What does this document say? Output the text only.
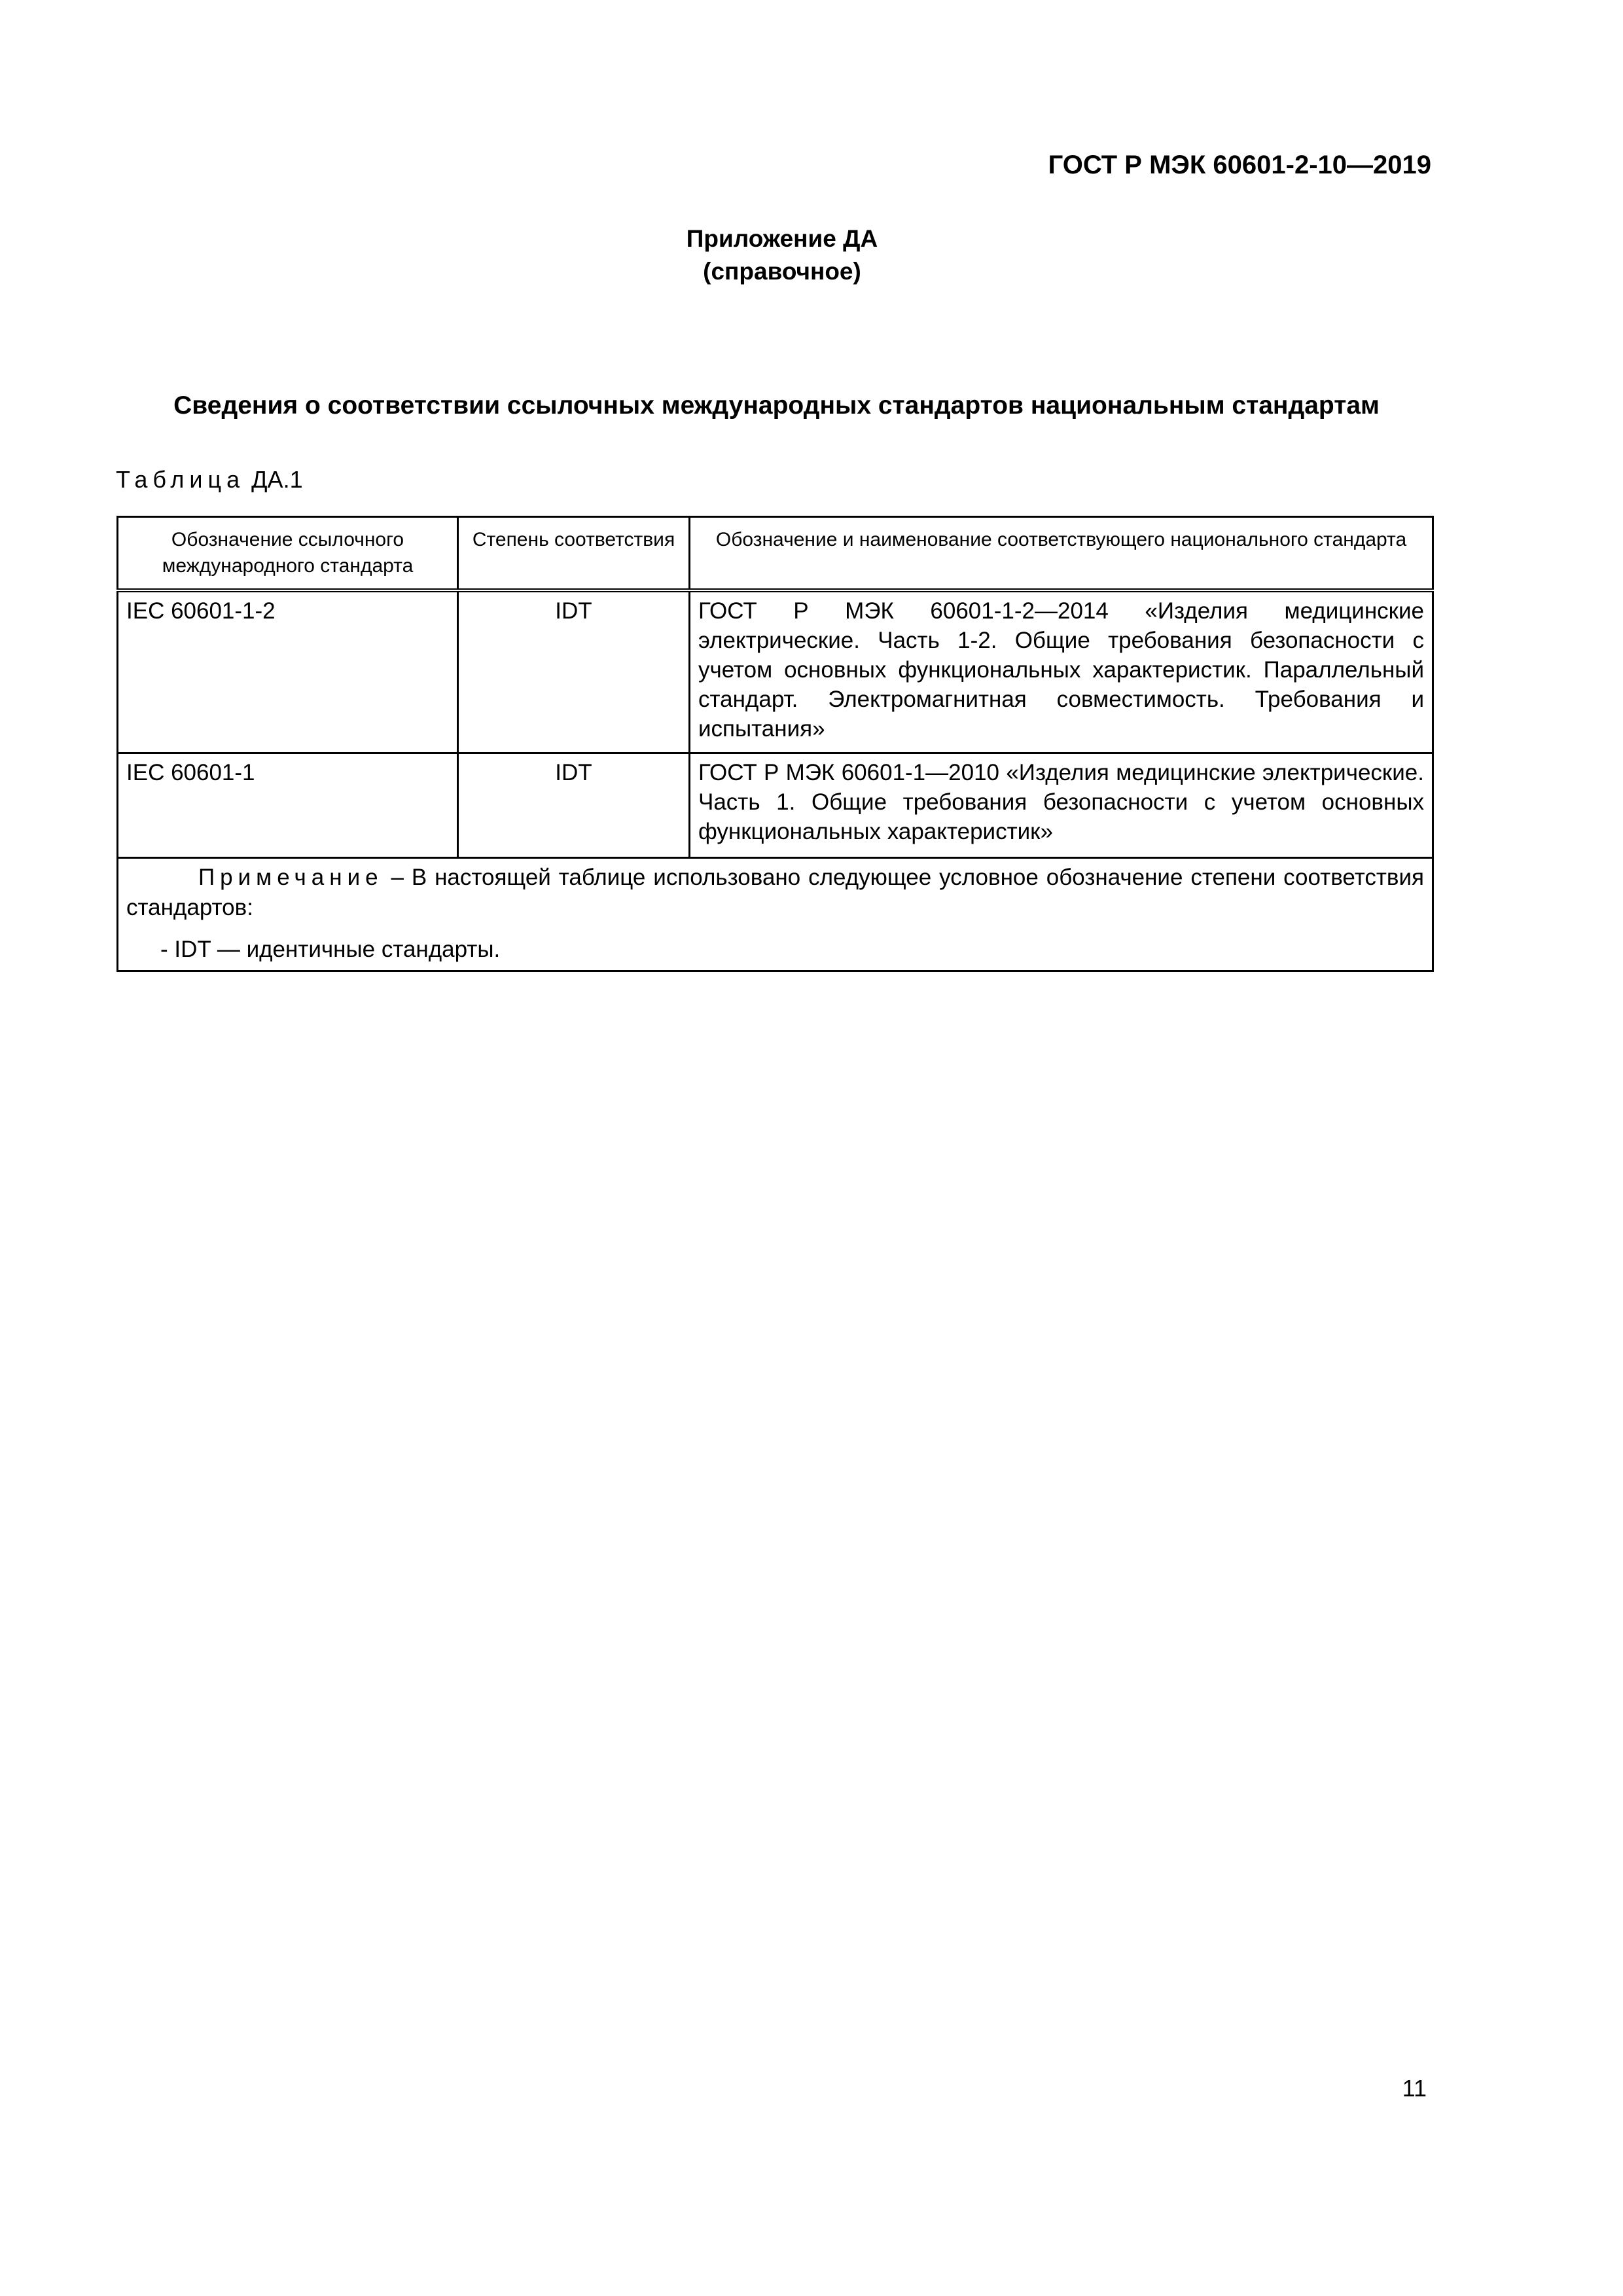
ГОСТ Р МЭК 60601-2-10—2019
Приложение ДА
(справочное)
Сведения о соответствии ссылочных международных стандартов национальным стандартам
Таблица ДА.1
Обозначение ссылочного международного стандарта	Степень соответствия	Обозначение и наименование соответствующего национального стандарта
IEC 60601-1-2	IDT	ГОСТ Р МЭК 60601-1-2—2014 «Изделия медицинские электрические. Часть 1-2. Общие требования безопасности с учетом основных функциональных характеристик. Параллельный стандарт. Электромагнитная совместимость. Требования и испытания»
IEC 60601-1	IDT	ГОСТ Р МЭК 60601-1—2010 «Изделия медицинские электрические. Часть 1. Общие требования безопасности с учетом основных функциональных характеристик»

Примечание – В настоящей таблице использовано следующее условное обозначение степени соответствия стандартов:
- IDT — идентичные стандарты.		
11
